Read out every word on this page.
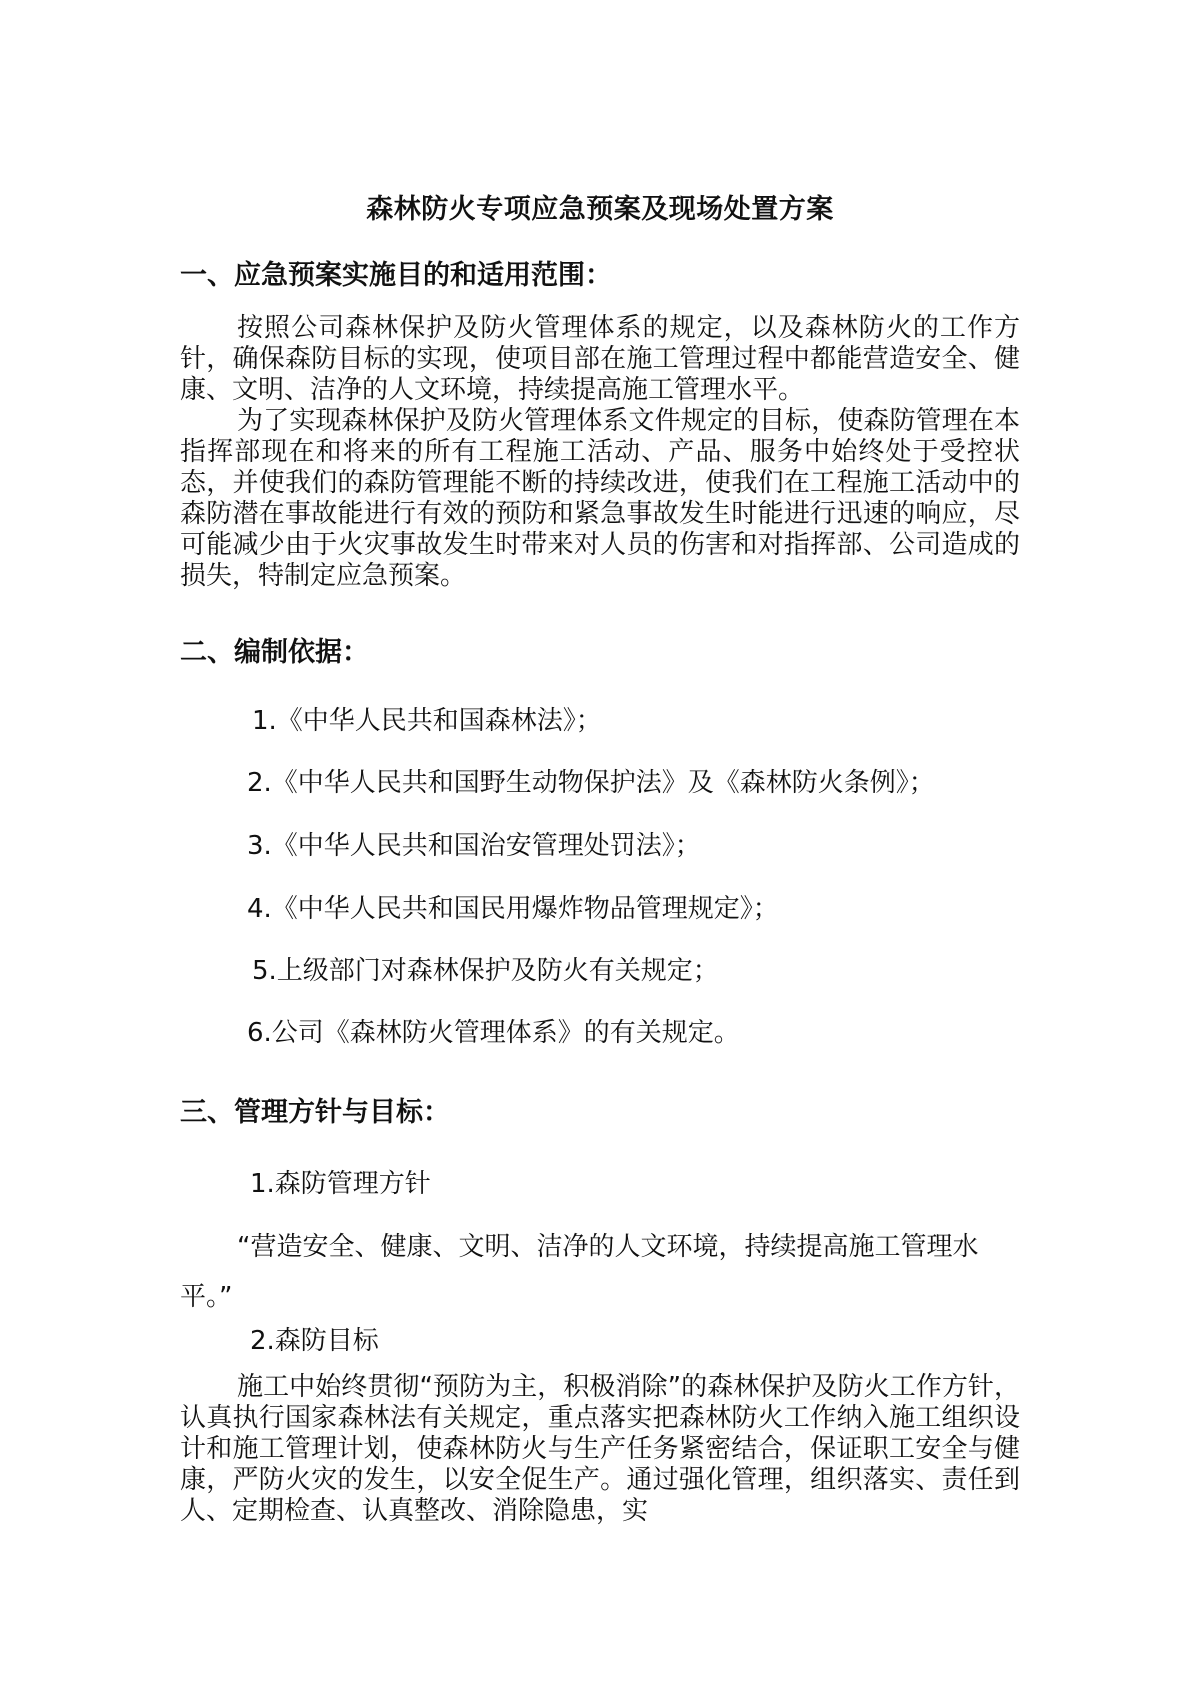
森林防火专项应急预案及现场处置方案
一、应急预案实施目的和适用范围：
按照公司森林保护及防火管理体系的规定，以及森林防火的工作方针，确保森防目标的实现，使项目部在施工管理过程中都能营造安全、健康、文明、洁净的人文环境，持续提高施工管理水平。
为了实现森林保护及防火管理体系文件规定的目标，使森防管理在本指挥部现在和将来的所有工程施工活动、产品、服务中始终处于受控状态，并使我们的森防管理能不断的持续改进，使我们在工程施工活动中的森防潜在事故能进行有效的预防和紧急事故发生时能进行迅速的响应，尽可能减少由于火灾事故发生时带来对人员的伤害和对指挥部、公司造成的损失，特制定应急预案。
二、编制依据：
1.《中华人民共和国森林法》；
2.《中华人民共和国野生动物保护法》及《森林防火条例》；
3.《中华人民共和国治安管理处罚法》；
4.《中华人民共和国民用爆炸物品管理规定》；
5.上级部门对森林保护及防火有关规定；
6.公司《森林防火管理体系》的有关规定。
三、管理方针与目标：
1.森防管理方针
“营造安全、健康、文明、洁净的人文环境，持续提高施工管理水平。”
2.森防目标
施工中始终贯彻“预防为主，积极消除”的森林保护及防火工作方针，认真执行国家森林法有关规定，重点落实把森林防火工作纳入施工组织设计和施工管理计划，使森林防火与生产任务紧密结合，保证职工安全与健康，严防火灾的发生，以安全促生产。通过强化管理，组织落实、责任到人、定期检查、认真整改、消除隐患，实
